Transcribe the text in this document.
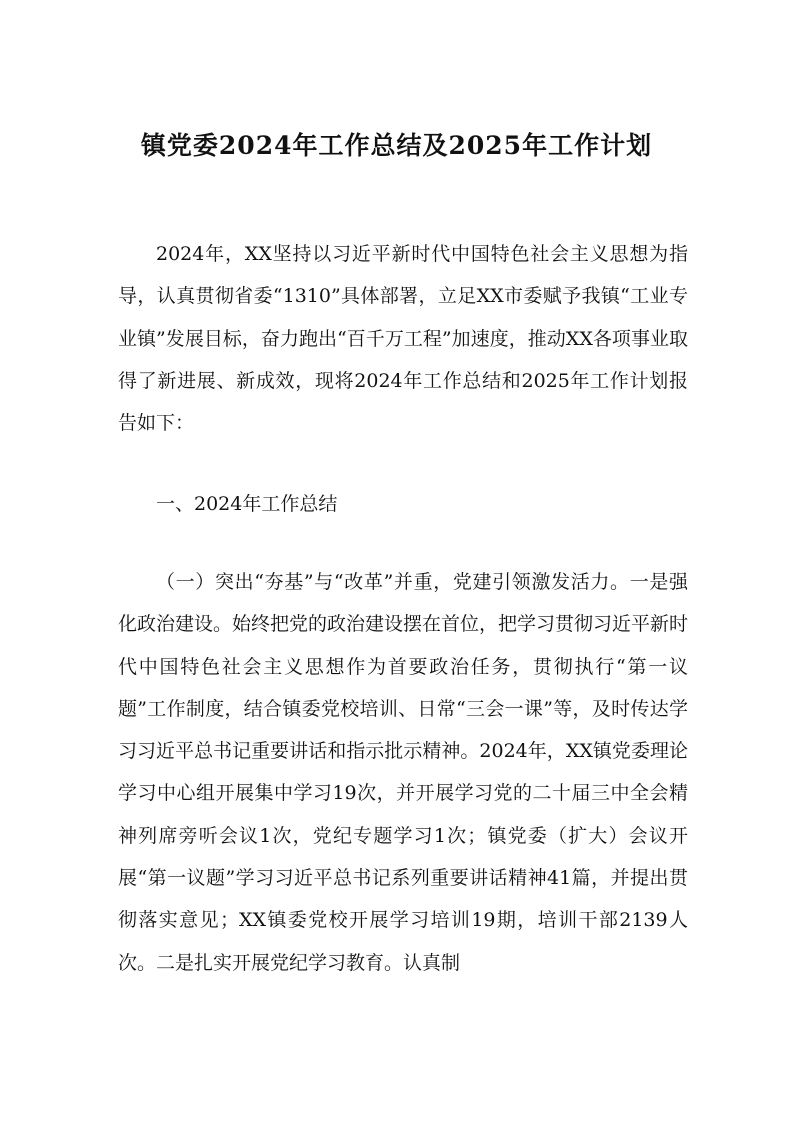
镇党委2024年工作总结及2025年工作计划

2024年，XX坚持以习近平新时代中国特色社会主义思想为指导，认真贯彻省委“1310”具体部署，立足XX市委赋予我镇“工业专业镇”发展目标，奋力跑出“百千万工程”加速度，推动XX各项事业取得了新进展、新成效，现将2024年工作总结和2025年工作计划报告如下：

一、2024年工作总结

（一）突出“夯基”与“改革”并重，党建引领激发活力。一是强化政治建设。始终把党的政治建设摆在首位，把学习贯彻习近平新时代中国特色社会主义思想作为首要政治任务，贯彻执行“第一议题”工作制度，结合镇委党校培训、日常“三会一课”等，及时传达学习习近平总书记重要讲话和指示批示精神。2024年，XX镇党委理论学习中心组开展集中学习19次，并开展学习党的二十届三中全会精神列席旁听会议1次，党纪专题学习1次；镇党委（扩大）会议开展“第一议题”学习习近平总书记系列重要讲话精神41篇，并提出贯彻落实意见；XX镇委党校开展学习培训19期，培训干部2139人次。二是扎实开展党纪学习教育。认真制
